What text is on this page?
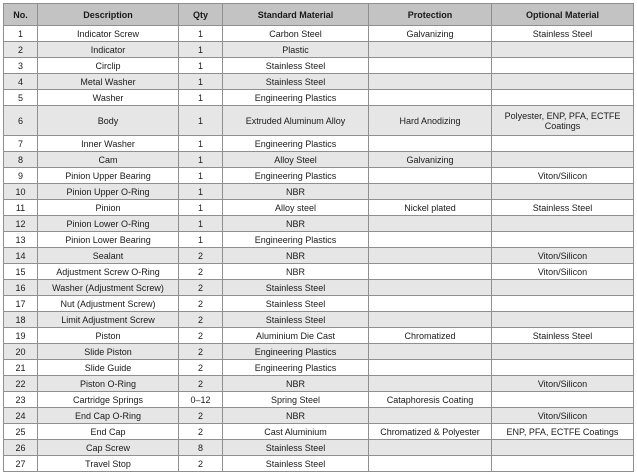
No.	Description	Qty	Standard Material	Protection	Optional Material
1	Indicator Screw	1	Carbon Steel	Galvanizing	Stainless Steel
2	Indicator	1	Plastic		
3	Circlip	1	Stainless Steel		
4	Metal Washer	1	Stainless Steel		
5	Washer	1	Engineering Plastics		
6	Body	1	Extruded Aluminum Alloy	Hard Anodizing	Polyester, ENP, PFA, ECTFE Coatings
7	Inner Washer	1	Engineering Plastics		
8	Cam	1	Alloy Steel	Galvanizing	
9	Pinion Upper Bearing	1	Engineering Plastics		Viton/Silicon
10	Pinion Upper O-Ring	1	NBR		
11	Pinion	1	Alloy steel	Nickel plated	Stainless Steel
12	Pinion Lower O-Ring	1	NBR		
13	Pinion Lower Bearing	1	Engineering Plastics		
14	Sealant	2	NBR		Viton/Silicon
15	Adjustment Screw O-Ring	2	NBR		Viton/Silicon
16	Washer (Adjustment Screw)	2	Stainless Steel		
17	Nut (Adjustment Screw)	2	Stainless Steel		
18	Limit Adjustment Screw	2	Stainless Steel		
19	Piston	2	Aluminium Die Cast	Chromatized	Stainless Steel
20	Slide Piston	2	Engineering Plastics		
21	Slide Guide	2	Engineering Plastics		
22	Piston O-Ring	2	NBR		Viton/Silicon
23	Cartridge Springs	0–12	Spring Steel	Cataphoresis Coating	
24	End Cap O-Ring	2	NBR		Viton/Silicon
25	End Cap	2	Cast Aluminium	Chromatized & Polyester	ENP, PFA, ECTFE Coatings
26	Cap Screw	8	Stainless Steel		
27	Travel Stop	2	Stainless Steel		
